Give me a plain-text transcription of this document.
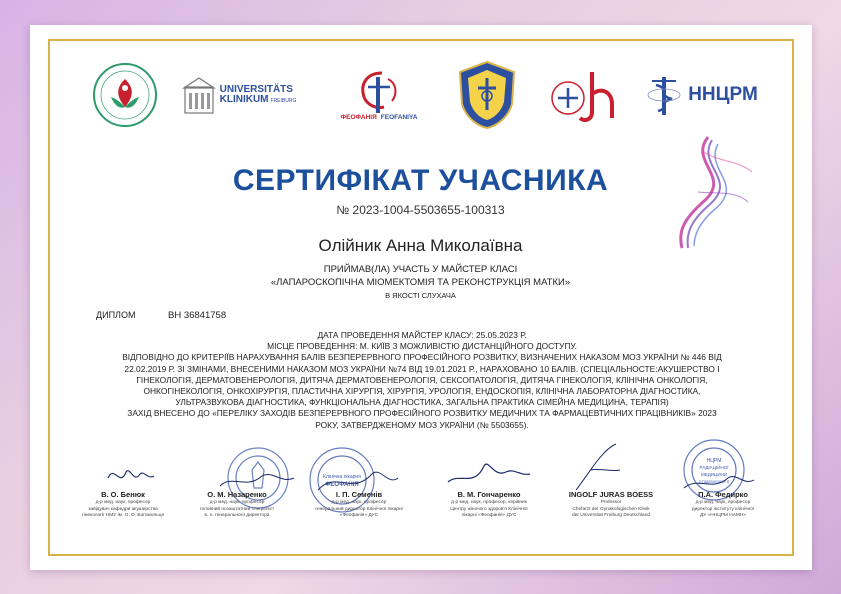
UNIVERSITÄTS
KLINIKUM FREIBURG
ФЕОФАНІЯ FEOFANIYA
ННЦРМ
СЕРТИФІКАТ УЧАСНИКА
№ 2023-1004-5503655-100313
Олійник Анна Миколаївна
ПРИЙМАВ(ЛА) УЧАСТЬ У МАЙСТЕР КЛАСІ
«ЛАПАРОСКОПІЧНА МІОМЕКТОМІЯ ТА РЕКОНСТРУКЦІЯ МАТКИ»
В ЯКОСТІ СЛУХАЧА
ДИПЛОМ	ВН 36841758
ДАТА ПРОВЕДЕННЯ МАЙСТЕР КЛАСУ: 25.05.2023 Р.
МІСЦЕ ПРОВЕДЕННЯ: М. КИЇВ З МОЖЛИВІСТЮ ДИСТАНЦІЙНОГО ДОСТУПУ.
ВІДПОВІДНО ДО КРИТЕРІЇВ НАРАХУВАННЯ БАЛІВ БЕЗПЕРЕРВНОГО ПРОФЕСІЙНОГО РОЗВИТКУ, ВИЗНАЧЕНИХ НАКАЗОМ МОЗ УКРАЇНИ № 446 ВІД
22.02.2019 Р. ЗІ ЗМІНАМИ, ВНЕСЕНИМИ НАКАЗОМ МОЗ УКРАЇНИ №74 ВІД 19.01.2021 Р., НАРАХОВАНО 10 БАЛІВ. (СПЕЦІАЛЬНОСТЕ:АКУШЕРСТВО І
ГІНЕКОЛОГІЯ, ДЕРМАТОВЕНЕРОЛОГІЯ, ДИТЯЧА ДЕРМАТОВЕНЕРОЛОГІЯ, СЕКСОПАТОЛОГІЯ, ДИТЯЧА ГІНЕКОЛОГІЯ, КЛІНІЧНА ОНКОЛОГІЯ,
ОНКОГІНЕКОЛОГІЯ, ОНКОХІРУРГІЯ, ПЛАСТИЧНА ХІРУРГІЯ, ХІРУРГІЯ, УРОЛОГІЯ, ЕНДОСКОПІЯ, КЛІНІЧНА ЛАБОРАТОРНА ДІАГНОСТИКА,
УЛЬТРАЗВУКОВА ДІАГНОСТИКА, ФУНКЦІОНАЛЬНА ДІАГНОСТИКА, ЗАГАЛЬНА ПРАКТИКА СІМЕЙНА МЕДИЦИНА, ТЕРАПІЯ)
ЗАХІД ВНЕСЕНО ДО «ПЕРЕЛІКУ ЗАХОДІВ БЕЗПЕРЕРВНОГО ПРОФЕСІЙНОГО РОЗВИТКУ МЕДИЧНИХ ТА ФАРМАЦЕВТИЧНИХ ПРАЦІВНИКІВ» 2023
РОКУ, ЗАТВЕРДЖЕНОМУ МОЗ УКРАЇНИ (№ 5503655).
Клінічна лікарня
ФЕОФАНІЯ
НЦРМ
РАДІАЦІЙНОЇ
МЕДИЦИНИ
ЕПІДЕМІОЛОГІЇ
В. О. Бенюк
д-р мед. наук, професор
завідувач кафедри акушерства
гінекології НМУ ім. О. О. Богомольця
О. М. Назаренко
д-р мед. наук, професор
головний позаштатний спеціаліст
в. о. генерального директора
І. П. Семенів
д-р мед. наук, професор
генеральний директор Клінічної лікарні
«Феофанія» ДУС
В. М. Гончаренко
д-р мед. наук, професор, керівник
Центру жіночого здоров'я Клінічної
лікарні «Феофанія» ДУС
INGOLF JURAS BOESS
Professor
Chefarzt der Gynakologischen Klinik
der Universitat Freiburg Deutschland
П.А. Федирко
д-р мед. наук, професор
директор інституту клінічної
ДУ «ННЦРМ НАМН»
